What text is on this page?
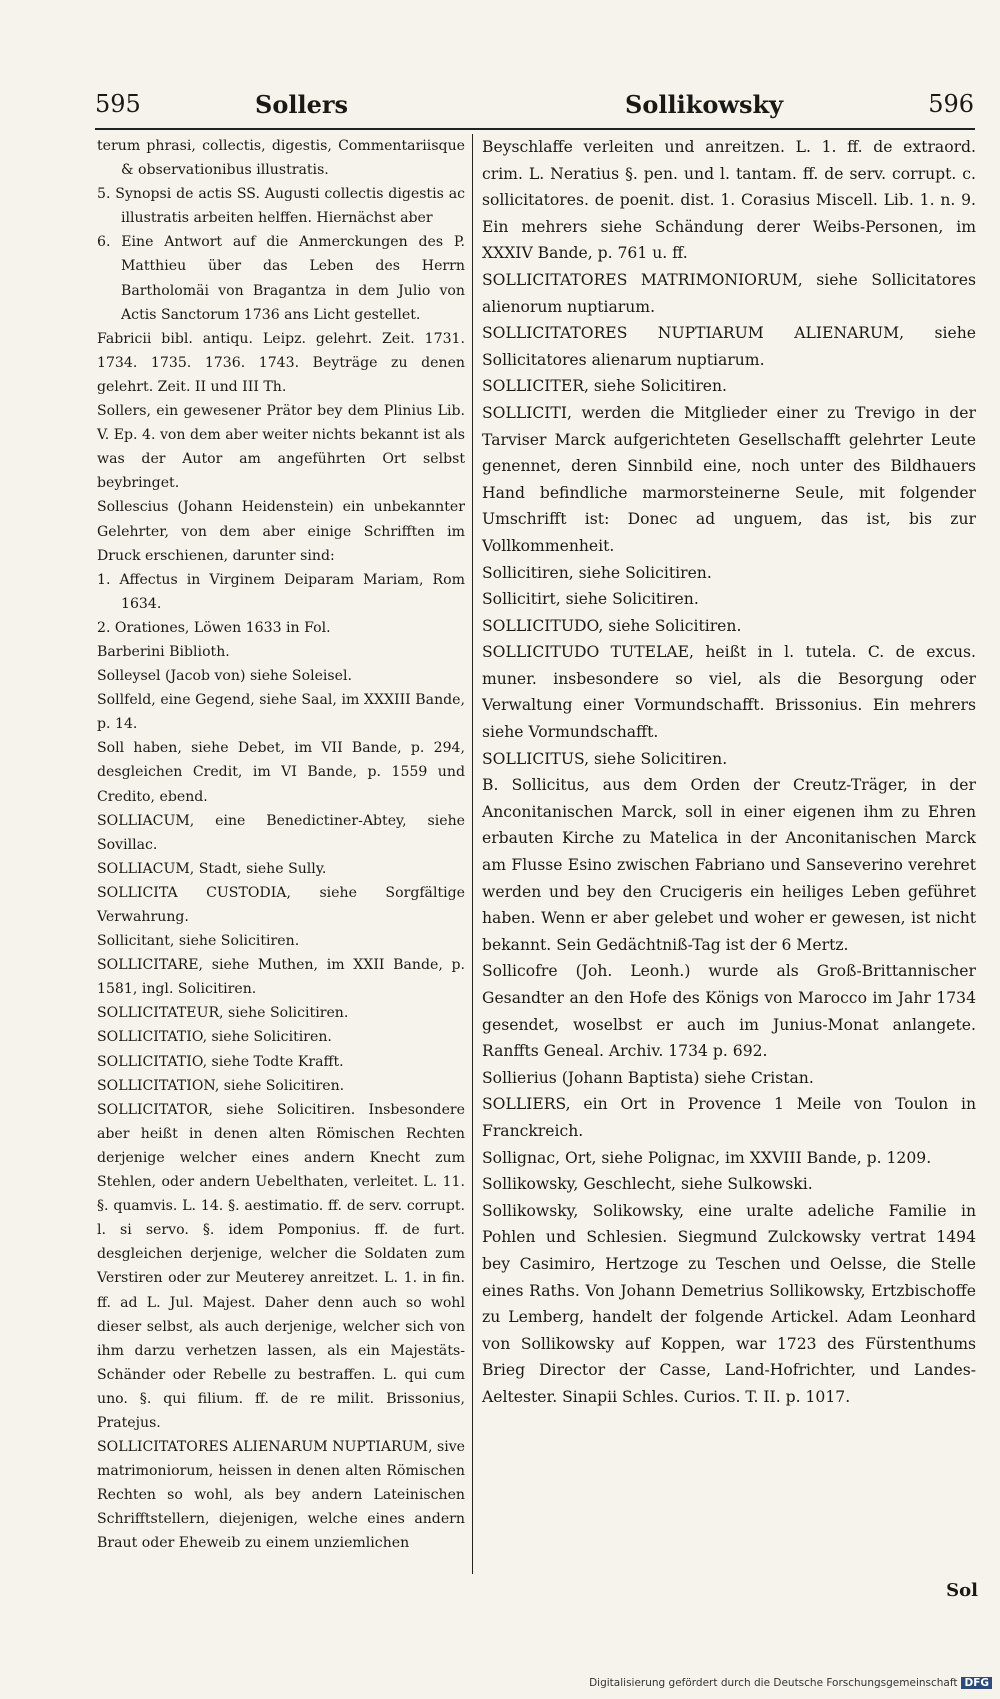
595	Sollers	Sollikowsky	596
terum phrasi, collectis, digestis, Commentariisque & observationibus illustratis.
5. Synopsi de actis SS. Augusti collectis digestis ac illustratis arbeiten helffen. Hiernächst aber
6. Eine Antwort auf die Anmerckungen des P. Matthieu über das Leben des Herrn Bartholomäi von Bragantza in dem Julio von Actis Sanctorum 1736 ans Licht gestellet.
Fabricii bibl. antiqu. Leipz. gelehrt. Zeit. 1731. 1734. 1735. 1736. 1743. Beyträge zu denen gelehrt. Zeit. II und III Th.
Sollers, ein gewesener Prätor bey dem Plinius Lib. V. Ep. 4. von dem aber weiter nichts bekannt ist als was der Autor am angeführten Ort selbst beybringet.
Sollescius (Johann Heidenstein) ein unbekannter Gelehrter, von dem aber einige Schrifften im Druck erschienen, darunter sind:
1. Affectus in Virginem Deiparam Mariam, Rom 1634.
2. Orationes, Löwen 1633 in Fol.
Barberini Biblioth.
Solleysel (Jacob von) siehe Soleisel.
Sollfeld, eine Gegend, siehe Saal, im XXXIII Bande, p. 14.
Soll haben, siehe Debet, im VII Bande, p. 294, desgleichen Credit, im VI Bande, p. 1559 und Credito, ebend.
SOLLIACUM, eine Benedictiner-Abtey, siehe Sovillac.
SOLLIACUM, Stadt, siehe Sully.
SOLLICITA CUSTODIA, siehe Sorgfältige Verwahrung.
Sollicitant, siehe Solicitiren.
SOLLICITARE, siehe Muthen, im XXII Bande, p. 1581, ingl. Solicitiren.
SOLLICITATEUR, siehe Solicitiren.
SOLLICITATIO, siehe Solicitiren.
SOLLICITATIO, siehe Todte Krafft.
SOLLICITATION, siehe Solicitiren.
SOLLICITATOR, siehe Solicitiren. Insbesondere aber heißt in denen alten Römischen Rechten derjenige welcher eines andern Knecht zum Stehlen, oder andern Uebelthaten, verleitet. L. 11. §. quamvis. L. 14. §. aestimatio. ff. de serv. corrupt. l. si servo. §. idem Pomponius. ff. de furt. desgleichen derjenige, welcher die Soldaten zum Verstiren oder zur Meuterey anreitzet. L. 1. in fin. ff. ad L. Jul. Majest. Daher denn auch so wohl dieser selbst, als auch derjenige, welcher sich von ihm darzu verhetzen lassen, als ein Majestäts-Schänder oder Rebelle zu bestraffen. L. qui cum uno. §. qui filium. ff. de re milit. Brissonius, Pratejus.
SOLLICITATORES ALIENARUM NUPTIARUM, sive matrimoniorum, heissen in denen alten Römischen Rechten so wohl, als bey andern Lateinischen Schrifftstellern, diejenigen, welche eines andern Braut oder Eheweib zu einem unziemlichen
Beyschlaffe verleiten und anreitzen. L. 1. ff. de extraord. crim. L. Neratius §. pen. und l. tantam. ff. de serv. corrupt. c. sollicitatores. de poenit. dist. 1. Corasius Miscell. Lib. 1. n. 9. Ein mehrers siehe Schändung derer Weibs-Personen, im XXXIV Bande, p. 761 u. ff.
SOLLICITATORES MATRIMONIORUM, siehe Sollicitatores alienorum nuptiarum.
SOLLICITATORES NUPTIARUM ALIENARUM, siehe Sollicitatores alienarum nuptiarum.
SOLLICITER, siehe Solicitiren.
SOLLICITI, werden die Mitglieder einer zu Trevigo in der Tarviser Marck aufgerichteten Gesellschafft gelehrter Leute genennet, deren Sinnbild eine, noch unter des Bildhauers Hand befindliche marmorsteinerne Seule, mit folgender Umschrifft ist: Donec ad unguem, das ist, bis zur Vollkommenheit.
Sollicitiren, siehe Solicitiren.
Sollicitirt, siehe Solicitiren.
SOLLICITUDO, siehe Solicitiren.
SOLLICITUDO TUTELAE, heißt in l. tutela. C. de excus. muner. insbesondere so viel, als die Besorgung oder Verwaltung einer Vormundschafft. Brissonius. Ein mehrers siehe Vormundschafft.
SOLLICITUS, siehe Solicitiren.
B. Sollicitus, aus dem Orden der Creutz-Träger, in der Anconitanischen Marck, soll in einer eigenen ihm zu Ehren erbauten Kirche zu Matelica in der Anconitanischen Marck am Flusse Esino zwischen Fabriano und Sanseverino verehret werden und bey den Crucigeris ein heiliges Leben geführet haben. Wenn er aber gelebet und woher er gewesen, ist nicht bekannt. Sein Gedächtniß-Tag ist der 6 Mertz.
Sollicofre (Joh. Leonh.) wurde als Groß-Brittannischer Gesandter an den Hofe des Königs von Marocco im Jahr 1734 gesendet, woselbst er auch im Junius-Monat anlangete. Ranffts Geneal. Archiv. 1734 p. 692.
Sollierius (Johann Baptista) siehe Cristan.
SOLLIERS, ein Ort in Provence 1 Meile von Toulon in Franckreich.
Sollignac, Ort, siehe Polignac, im XXVIII Bande, p. 1209.
Sollikowsky, Geschlecht, siehe Sulkowski.
Sollikowsky, Solikowsky, eine uralte adeliche Familie in Pohlen und Schlesien. Siegmund Zulckowsky vertrat 1494 bey Casimiro, Hertzoge zu Teschen und Oelsse, die Stelle eines Raths. Von Johann Demetrius Sollikowsky, Ertzbischoffe zu Lemberg, handelt der folgende Artickel. Adam Leonhard von Sollikowsky auf Koppen, war 1723 des Fürstenthums Brieg Director der Casse, Land-Hofrichter, und Landes-Aeltester. Sinapii Schles. Curios. T. II. p. 1017.
Sol
Digitalisierung gefördert durch die Deutsche Forschungsgemeinschaft DFG
